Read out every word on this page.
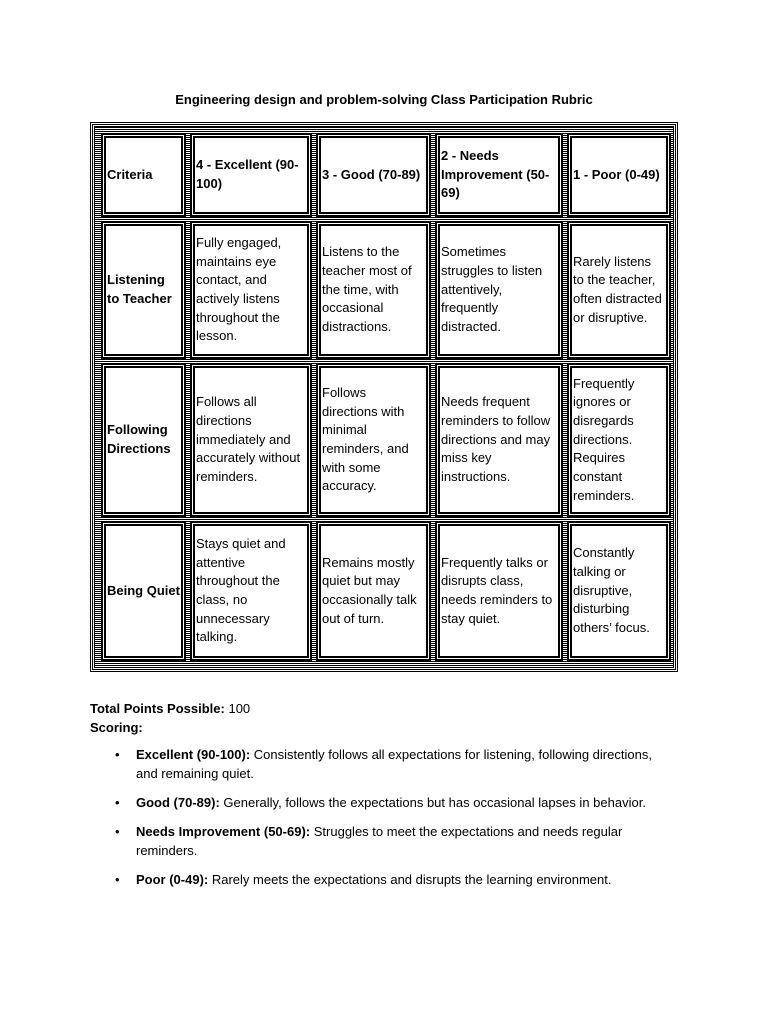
Engineering design and problem-solving Class Participation Rubric
Criteria
4 - Excellent (90-100)
3 - Good (70-89)
2 - Needs Improvement (50-69)
1 - Poor (0-49)
Listening to Teacher
Fully engaged, maintains eye contact, and actively listens throughout the lesson.
Listens to the teacher most of the time, with occasional distractions.
Sometimes struggles to listen attentively, frequently distracted.
Rarely listens to the teacher, often distracted or disruptive.
Following Directions
Follows all directions immediately and accurately without reminders.
Follows directions with minimal reminders, and with some accuracy.
Needs frequent reminders to follow directions and may miss key instructions.
Frequently ignores or disregards directions. Requires constant reminders.
Being Quiet
Stays quiet and attentive throughout the class, no unnecessary talking.
Remains mostly quiet but may occasionally talk out of turn.
Frequently talks or disrupts class, needs reminders to stay quiet.
Constantly talking or disruptive, disturbing others’ focus.
Total Points Possible: 100
Scoring:
• Excellent (90-100): Consistently follows all expectations for listening, following directions, and remaining quiet.
• Good (70-89): Generally, follows the expectations but has occasional lapses in behavior.
• Needs Improvement (50-69): Struggles to meet the expectations and needs regular reminders.
• Poor (0-49): Rarely meets the expectations and disrupts the learning environment.
